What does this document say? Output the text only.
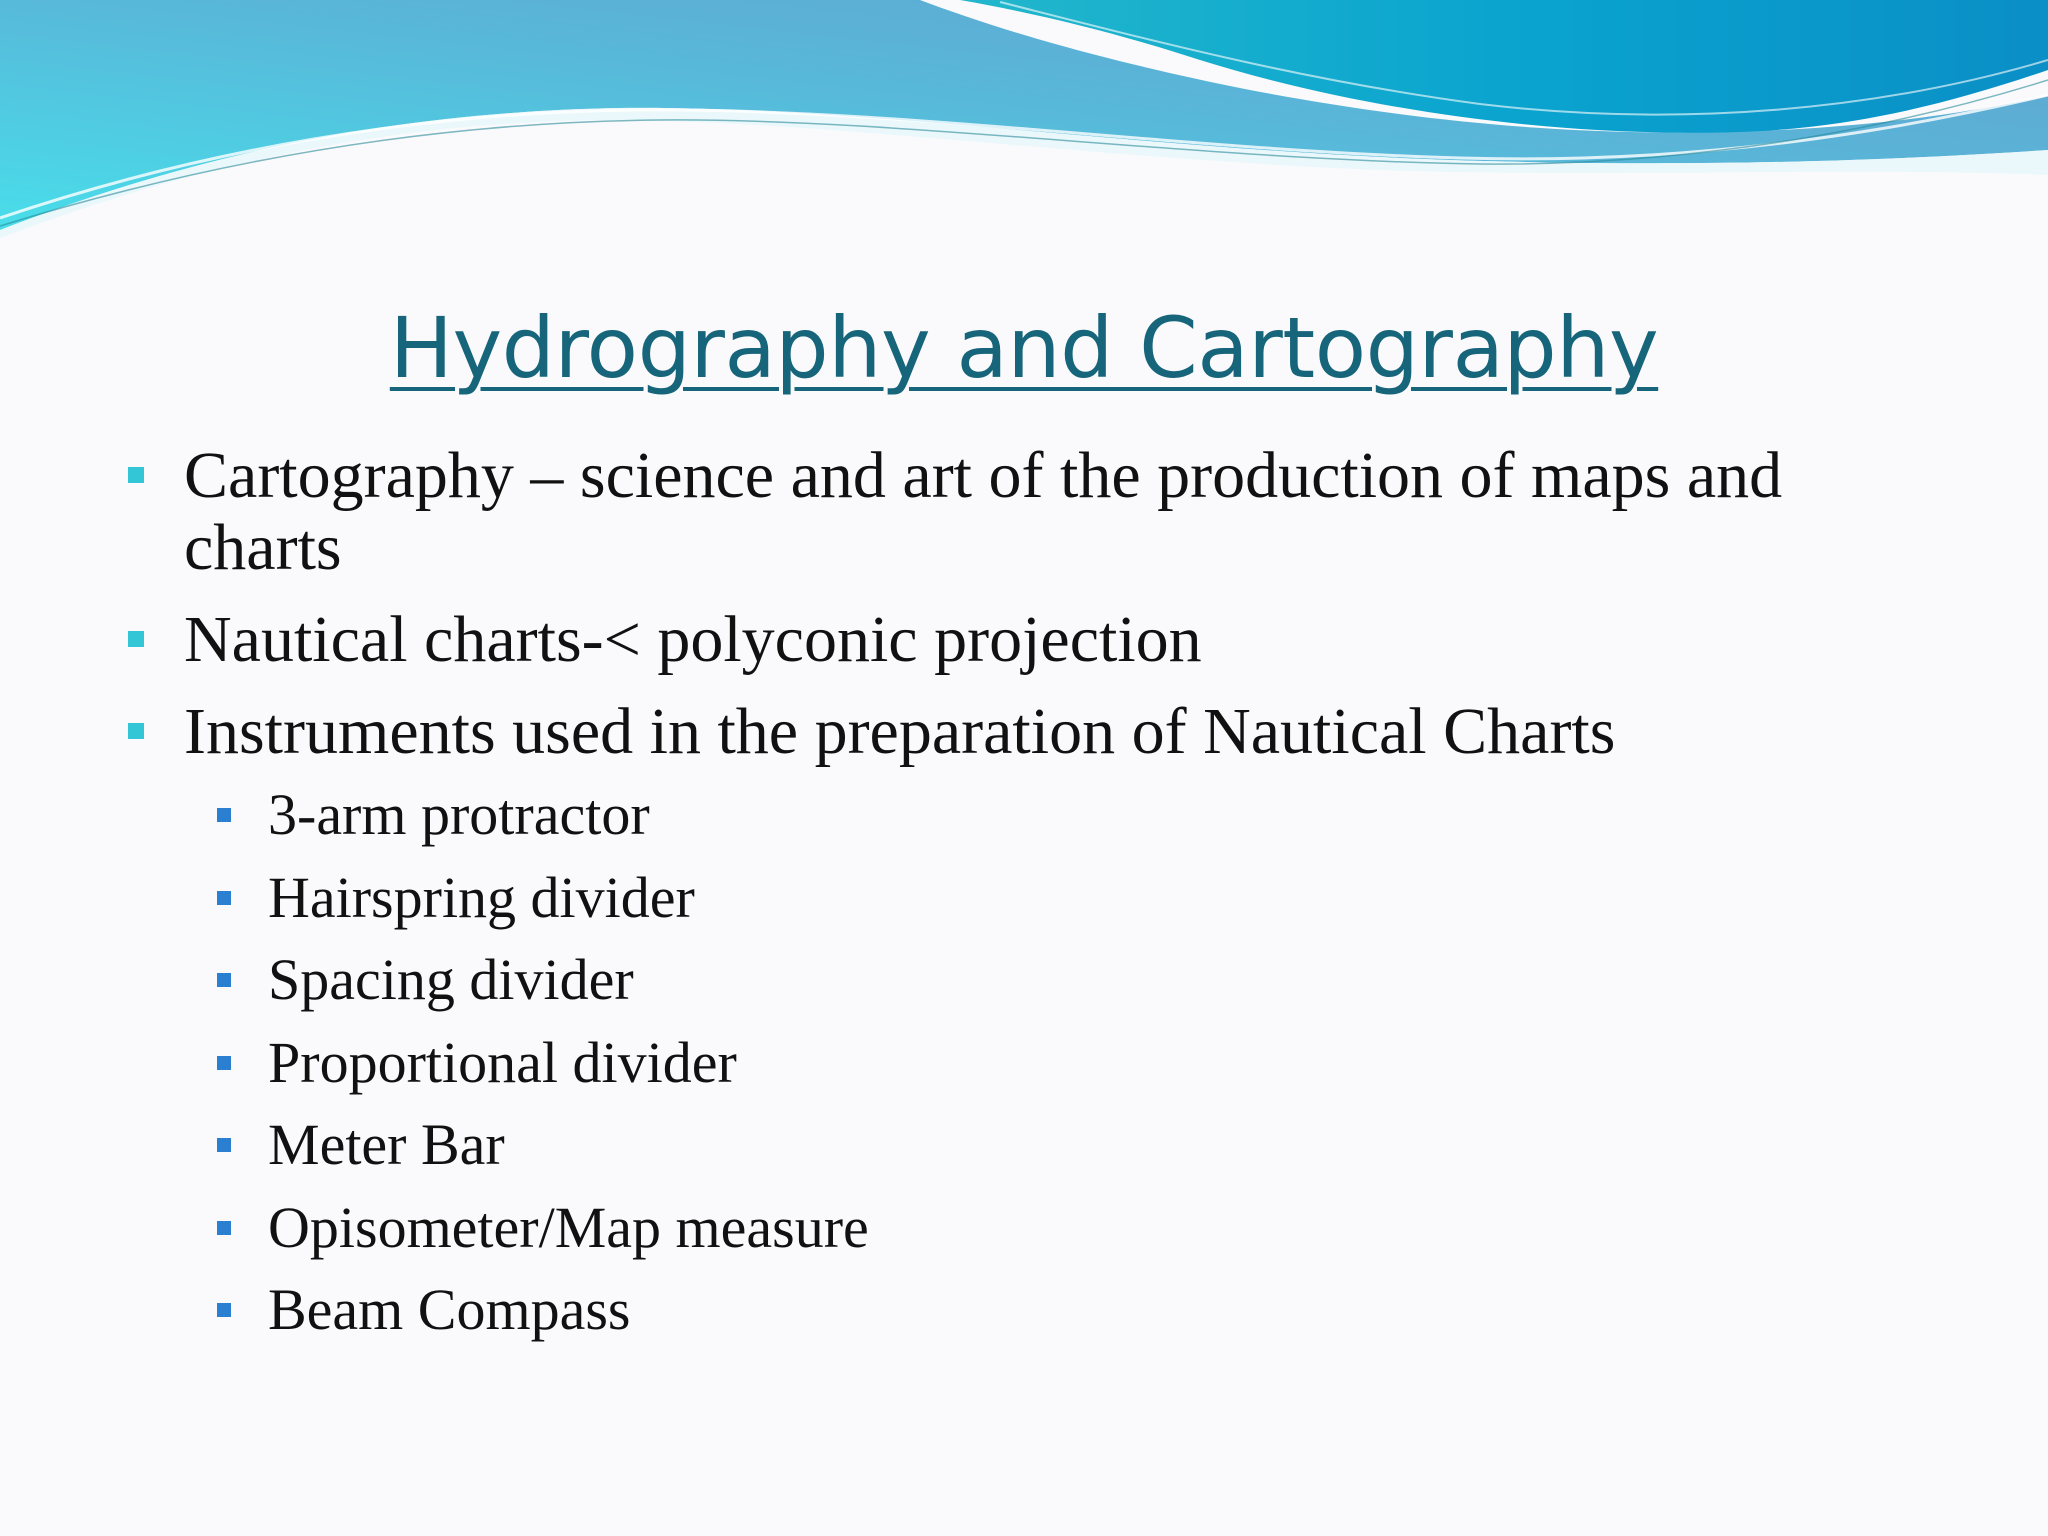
Hydrography and Cartography
Cartography – science and art of the production of maps and charts
Nautical charts-< polyconic projection
Instruments used in the preparation of Nautical Charts
3-arm protractor
Hairspring divider
Spacing divider
Proportional divider
Meter Bar
Opisometer/Map measure
Beam Compass
